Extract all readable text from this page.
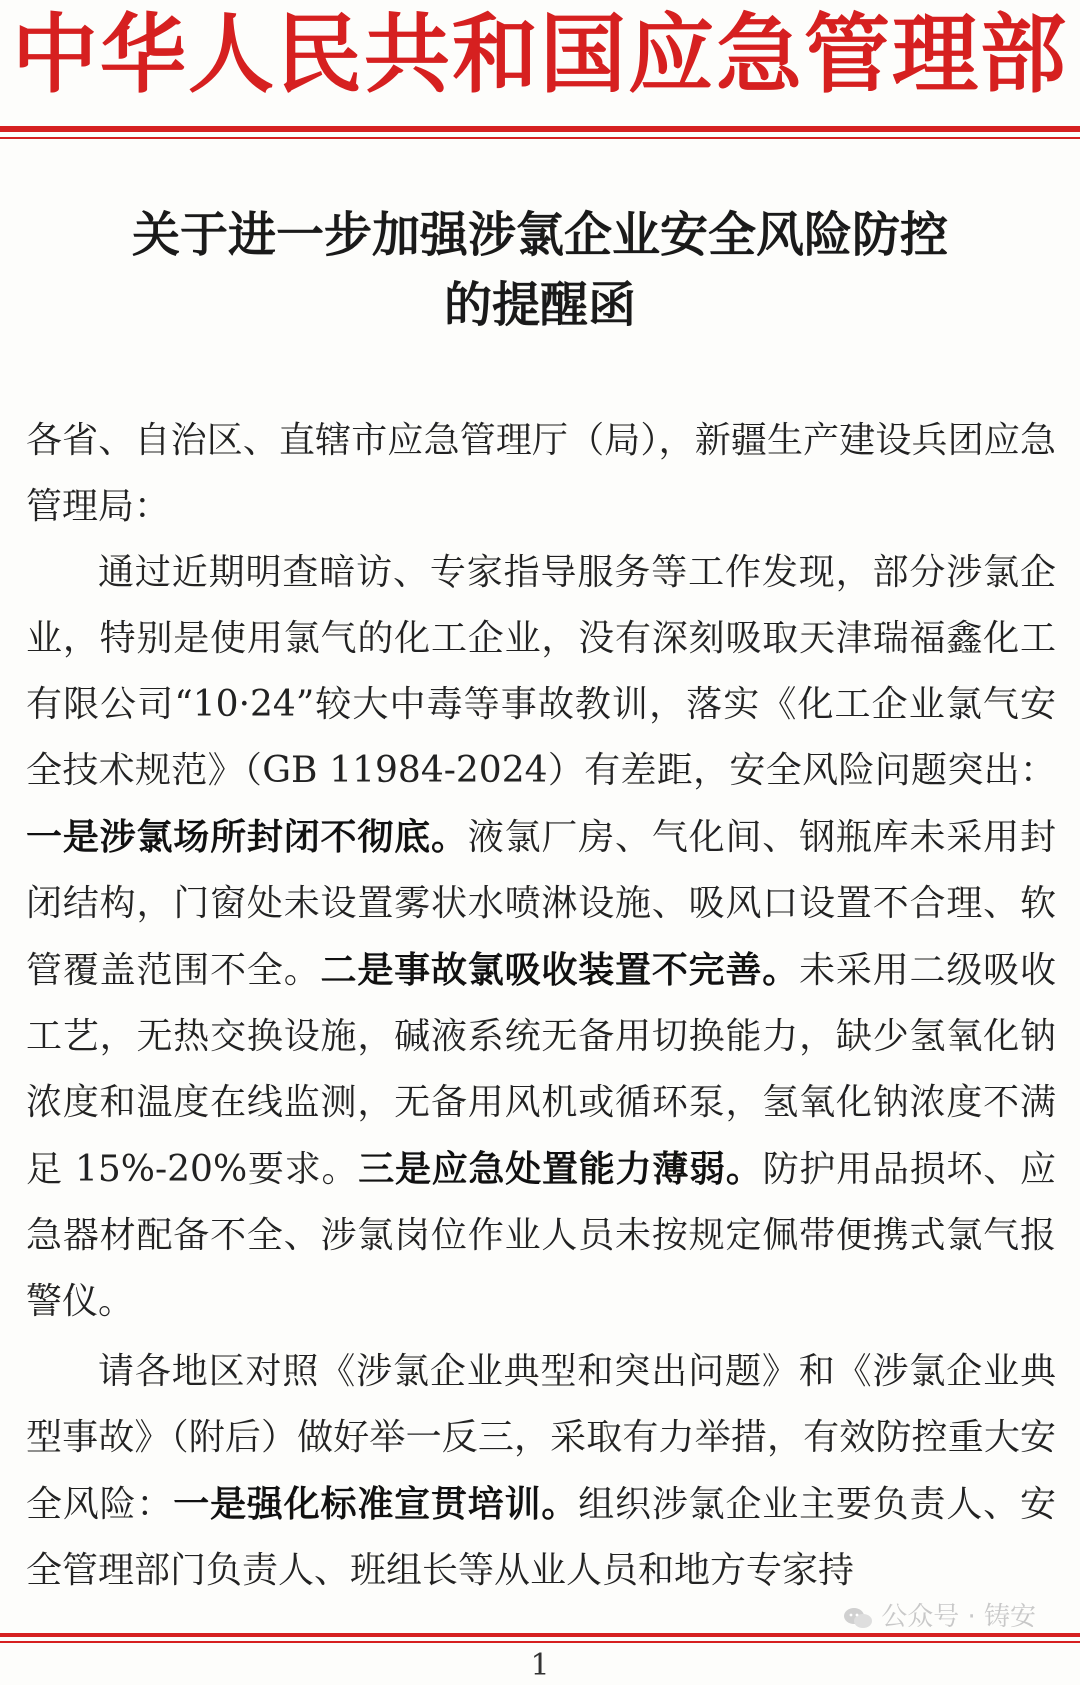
中华人民共和国应急管理部
关于进一步加强涉氯企业安全风险防控
的提醒函

各省、自治区、直辖市应急管理厅（局），新疆生产建设兵团应急管理局：

通过近期明查暗访、专家指导服务等工作发现，部分涉氯企业，特别是使用氯气的化工企业，没有深刻吸取天津瑞福鑫化工有限公司“10·24”较大中毒等事故教训，落实《化工企业氯气安全技术规范》（GB 11984-2024）有差距，安全风险问题突出：一是涉氯场所封闭不彻底。液氯厂房、气化间、钢瓶库未采用封闭结构，门窗处未设置雾状水喷淋设施、吸风口设置不合理、软管覆盖范围不全。二是事故氯吸收装置不完善。未采用二级吸收工艺，无热交换设施，碱液系统无备用切换能力，缺少氢氧化钠浓度和温度在线监测，无备用风机或循环泵，氢氧化钠浓度不满足 15%-20%要求。三是应急处置能力薄弱。防护用品损坏、应急器材配备不全、涉氯岗位作业人员未按规定佩带便携式氯气报警仪。

请各地区对照《涉氯企业典型和突出问题》和《涉氯企业典型事故》（附后）做好举一反三，采取有力举措，有效防控重大安全风险：一是强化标准宣贯培训。组织涉氯企业主要负责人、安全管理部门负责人、班组长等从业人员和地方专家持

公众号 · 铸安
1
